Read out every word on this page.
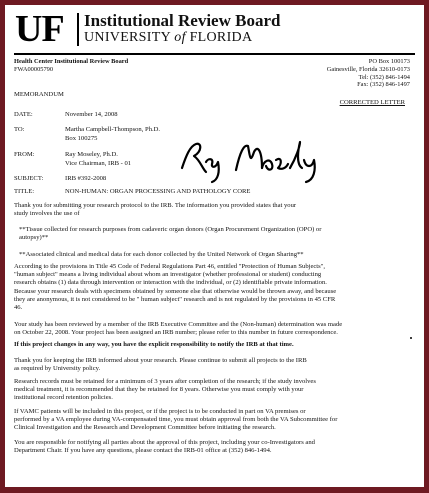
UF Institutional Review Board
UNIVERSITY of FLORIDA
Health Center Institutional Review Board
FWA00005790
PO Box 100173
Gainesville, Florida 32610-0173
Tel: (352) 846-1494
Fax: (352) 846-1497
MEMORANDUM
CORRECTED LETTER
DATE:	November 14, 2008
TO:	Martha Campbell-Thompson, Ph.D.
Box 100275
FROM:	Ray Moseley, Ph.D.
Vice Chairman, IRB - 01
SUBJECT:	IRB #392-2008
TITLE:	NON-HUMAN: ORGAN PROCESSING AND PATHOLOGY CORE
Thank you for submitting your research protocol to the IRB. The information you provided states that your
study involves the use of
**Tissue collected for research purposes from cadaveric organ donors (Organ Procurement Organization (OPO) or
autopsy)**
**Associated clinical and medical data for each donor collected by the United Network of Organ Sharing**
According to the provisions in Title 45 Code of Federal Regulations Part 46, entitled "Protection of Human Subjects",
"human subject" means a living individual about whom an investigator (whether professional or student) conducting
research obtains (1) data through intervention or interaction with the individual, or (2) identifiable private information.
Because your research deals with specimens obtained by someone else that otherwise would be thrown away, and because
they are anonymous, it is not considered to be " human subject" research and is not regulated by the provisions in 45 CFR
46.
Your study has been reviewed by a member of the IRB Executive Committee and the (Non-human) determination was made
on October 22, 2008. Your project has been assigned an IRB number; please refer to this number in future correspondence.
If this project changes in any way, you have the explicit responsibility to notify the IRB at that time.
Thank you for keeping the IRB informed about your research. Please continue to submit all projects to the IRB
as required by University policy.
Research records must be retained for a minimum of 3 years after completion of the research; if the study involves
medical treatment, it is recommended that they be retained for 8 years. Otherwise you must comply with your
institutional record retention policies.
If VAMC patients will be included in this project, or if the project is to be conducted in part on VA premises or
performed by a VA employee during VA-compensated time, you must obtain approval from both the VA Subcommittee for
Clinical Investigation and the Research and Development Committee before initiating the research.
You are responsible for notifying all parties about the approval of this project, including your co-Investigators and
Department Chair. If you have any questions, please contact the IRB-01 office at (352) 846-1494.
